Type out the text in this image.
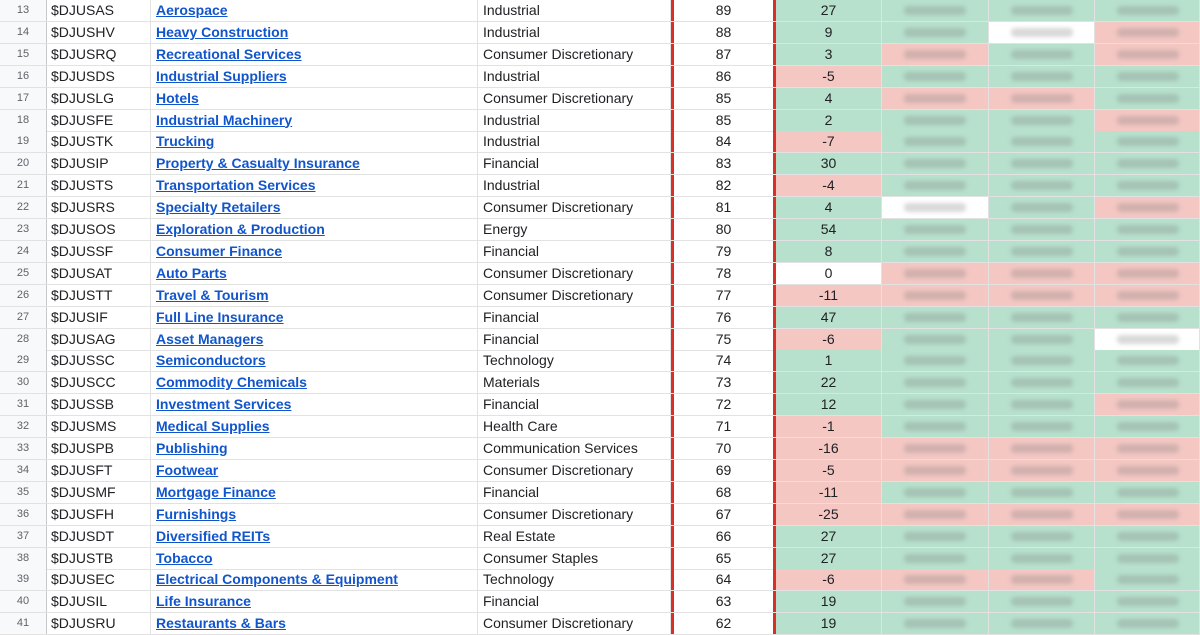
13	$DJUSAS	Aerospace	Industrial	89	27
14	$DJUSHV	Heavy Construction	Industrial	88	9
15	$DJUSRQ	Recreational Services	Consumer Discretionary	87	3
16	$DJUSDS	Industrial Suppliers	Industrial	86	-5
17	$DJUSLG	Hotels	Consumer Discretionary	85	4
18	$DJUSFE	Industrial Machinery	Industrial	85	2
19	$DJUSTK	Trucking	Industrial	84	-7
20	$DJUSIP	Property & Casualty Insurance	Financial	83	30
21	$DJUSTS	Transportation Services	Industrial	82	-4
22	$DJUSRS	Specialty Retailers	Consumer Discretionary	81	4
23	$DJUSOS	Exploration & Production	Energy	80	54
24	$DJUSSF	Consumer Finance	Financial	79	8
25	$DJUSAT	Auto Parts	Consumer Discretionary	78	0
26	$DJUSTT	Travel & Tourism	Consumer Discretionary	77	-11
27	$DJUSIF	Full Line Insurance	Financial	76	47
28	$DJUSAG	Asset Managers	Financial	75	-6
29	$DJUSSC	Semiconductors	Technology	74	1
30	$DJUSCC	Commodity Chemicals	Materials	73	22
31	$DJUSSB	Investment Services	Financial	72	12
32	$DJUSMS	Medical Supplies	Health Care	71	-1
33	$DJUSPB	Publishing	Communication Services	70	-16
34	$DJUSFT	Footwear	Consumer Discretionary	69	-5
35	$DJUSMF	Mortgage Finance	Financial	68	-11
36	$DJUSFH	Furnishings	Consumer Discretionary	67	-25
37	$DJUSDT	Diversified REITs	Real Estate	66	27
38	$DJUSTB	Tobacco	Consumer Staples	65	27
39	$DJUSEC	Electrical Components & Equipment	Technology	64	-6
40	$DJUSIL	Life Insurance	Financial	63	19
41	$DJUSRU	Restaurants & Bars	Consumer Discretionary	62	19
